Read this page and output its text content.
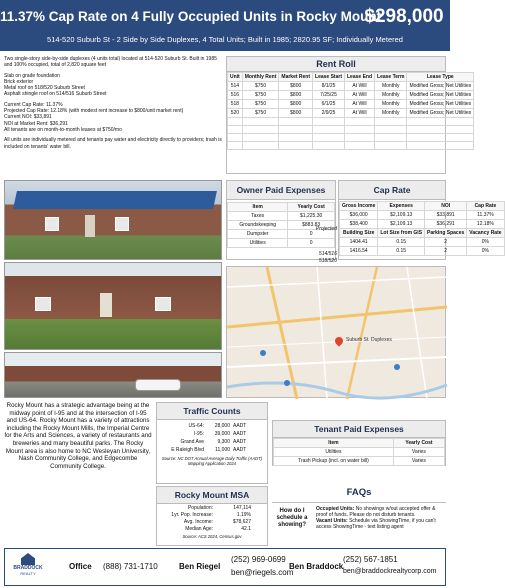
11.37% Cap Rate on 4 Fully Occupied Units in Rocky Mount
$298,000
514-520 Suburb St - 2 Side by Side Duplexes, 4 Total Units; Built in 1985; 2820.95 SF; Individually Metered
Two single-story side-by-side duplexes (4 units total) located at 514-520 Suburb St. Built in 1985 and 100% occupied, total of 2,820 square feet
Slab on grade foundation
Brick exterior
Metal roof on 518/520 Suburb Street
Asphalt shingle roof on 514/516 Suburb Street
Current Cap Rate: 11.37%
Projected Cap Rate: 12.18% (with modest rent increase to $800/unit market rent)
Current NOI: $33,891
NOI at Market Rent: $36,291
All tenants are on month-to-month leases at $750/mo
All units are individually metered and tenants pay water and electricity directly to providers; trash is included on tenants' water bill.
Rent Roll
Unit	Monthly Rent	Market Rent	Lease Start	Lease End	Lease Term	Lease Type
514	$750	$800	8/1/25	At Will	Monthly	Modified Gross; Net Utilities
516	$750	$800	7/25/25	At Will	Monthly	Modified Gross; Net Utilities
518	$750	$800	6/1/25	At Will	Monthly	Modified Gross; Net Utilities
520	$750	$800	2/9/25	At Will	Monthly	Modified Gross; Net Utilities

Owner Paid Expenses
Item	Yearly Cost
Taxes	$1,225.30
Groundskeeping	$883.83
Dumpster	0
Utilities	0
Cap Rate
Gross Income	Expenses	NOI	Cap Rate
$36,000	$2,109.13	$33,891	11.37%
$38,400	$2,109.13	$36,291	12.18%
Building Size	Lot Size from GIS	Parking Spaces	Vacancy Rate
1404.41	0.15	2	0%
1416.54	0.15	2	0%
Projected
514/516
518/520
Suburb St. Duplexes
Rocky Mount has a strategic advantage being at the midway point of I-95 and at the intersection of I-95 and US-64. Rocky Mount has a variety of attractions including the Rocky Mount Mills, the Imperial Centre for the Arts and Sciences, a variety of restaurants and breweries and many beautiful parks. The Rocky Mount area is also home to NC Wesleyan University, Nash Community College, and Edgecombe Community College.
Traffic Counts
US-64:	28,000 AADT
I-95:	39,000 AADT
Grand Ave	9,300 AADT
E Raleigh Blvd	11,000 AADT
Source: NC DOT Annual Average Daily Traffic (AADT) Mapping Application 2024
Tenant Paid Expenses
Item	Yearly Cost
Utilities	Varies
Trash Pickup (incl. on water bill)	Varies
Rocky Mount MSA
Population:	147,114
1yr. Pop. Increase:	1.19%
Avg. Income:	$78,627
Median Age:	42.1
Source: ACS 2024, Census.gov
FAQs
How do I schedule a showing?
Occupied Units: No showings w/out accepted offer & proof of funds. Please do not disturb tenants.
Vacant Units: Schedule via ShowingTime, if you can't access ShowingTime - text listing agent
BRADDOCK
REALTY
Office (888) 731-1710	Ben Riegel
(252) 969-0699
ben@riegels.com
Ben Braddock
(252) 567-1851
ben@braddockrealtycorp.com
